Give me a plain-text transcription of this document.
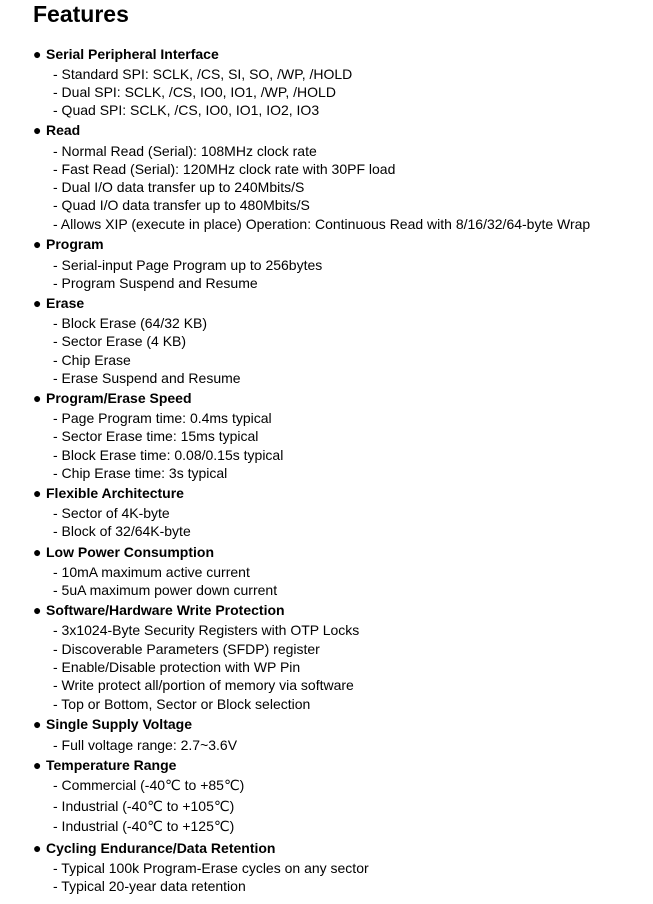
Features
● Serial Peripheral Interface
- Standard SPI: SCLK, /CS, SI, SO, /WP, /HOLD
- Dual SPI: SCLK, /CS, IO0, IO1, /WP, /HOLD
- Quad SPI: SCLK, /CS, IO0, IO1, IO2, IO3
● Read
- Normal Read (Serial): 108MHz clock rate
- Fast Read (Serial): 120MHz clock rate with 30PF load
- Dual I/O data transfer up to 240Mbits/S
- Quad I/O data transfer up to 480Mbits/S
- Allows XIP (execute in place) Operation: Continuous Read with 8/16/32/64-byte Wrap
● Program
- Serial-input Page Program up to 256bytes
- Program Suspend and Resume
● Erase
- Block Erase (64/32 KB)
- Sector Erase (4 KB)
- Chip Erase
- Erase Suspend and Resume
● Program/Erase Speed
- Page Program time: 0.4ms typical
- Sector Erase time: 15ms typical
- Block Erase time: 0.08/0.15s typical
- Chip Erase time: 3s typical
● Flexible Architecture
- Sector of 4K-byte
- Block of 32/64K-byte
● Low Power Consumption
- 10mA maximum active current
- 5uA maximum power down current
● Software/Hardware Write Protection
- 3x1024-Byte Security Registers with OTP Locks
- Discoverable Parameters (SFDP) register
- Enable/Disable protection with WP Pin
- Write protect all/portion of memory via software
- Top or Bottom, Sector or Block selection
● Single Supply Voltage
- Full voltage range: 2.7~3.6V
● Temperature Range
- Commercial (-40℃ to +85℃)
- Industrial (-40℃ to +105℃)
- Industrial (-40℃ to +125℃)
● Cycling Endurance/Data Retention
- Typical 100k Program-Erase cycles on any sector
- Typical 20-year data retention
